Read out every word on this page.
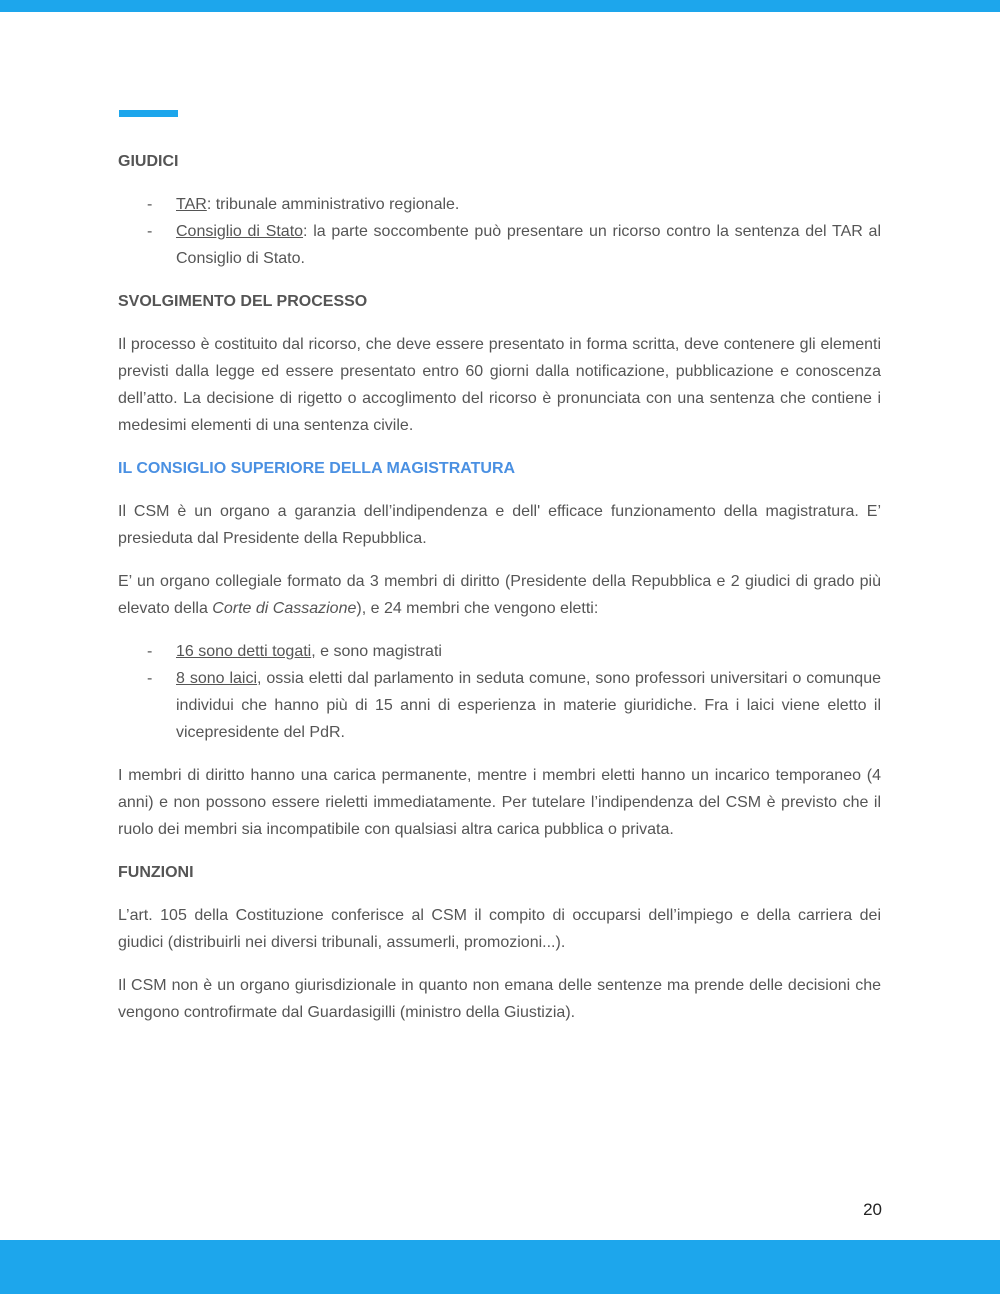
GIUDICI
- TAR: tribunale amministrativo regionale.
- Consiglio di Stato: la parte soccombente può presentare un ricorso contro la sentenza del TAR al Consiglio di Stato.
SVOLGIMENTO DEL PROCESSO

Il processo è costituito dal ricorso, che deve essere presentato in forma scritta, deve contenere gli elementi previsti dalla legge ed essere presentato entro 60 giorni dalla notificazione, pubblicazione e conoscenza dell’atto. La decisione di rigetto o accoglimento del ricorso è pronunciata con una sentenza che contiene i medesimi elementi di una sentenza civile.

IL CONSIGLIO SUPERIORE DELLA MAGISTRATURA

Il CSM è un organo a garanzia dell’indipendenza e dell' efficace funzionamento della magistratura. E’ presieduta dal Presidente della Repubblica.

E’ un organo collegiale formato da 3 membri di diritto (Presidente della Repubblica e 2 giudici di grado più elevato della Corte di Cassazione), e 24 membri che vengono eletti:

- 16 sono detti togati, e sono magistrati
- 8 sono laici, ossia eletti dal parlamento in seduta comune, sono professori universitari o comunque individui che hanno più di 15 anni di esperienza in materie giuridiche. Fra i laici viene eletto il vicepresidente del PdR.

I membri di diritto hanno una carica permanente, mentre i membri eletti hanno un incarico temporaneo (4 anni) e non possono essere rieletti immediatamente. Per tutelare l’indipendenza del CSM è previsto che il ruolo dei membri sia incompatibile con qualsiasi altra carica pubblica o privata.

FUNZIONI

L’art. 105 della Costituzione conferisce al CSM il compito di occuparsi dell’impiego e della carriera dei giudici (distribuirli nei diversi tribunali, assumerli, promozioni...).

Il CSM non è un organo giurisdizionale in quanto non emana delle sentenze ma prende delle decisioni che vengono controfirmate dal Guardasigilli (ministro della Giustizia).

20
